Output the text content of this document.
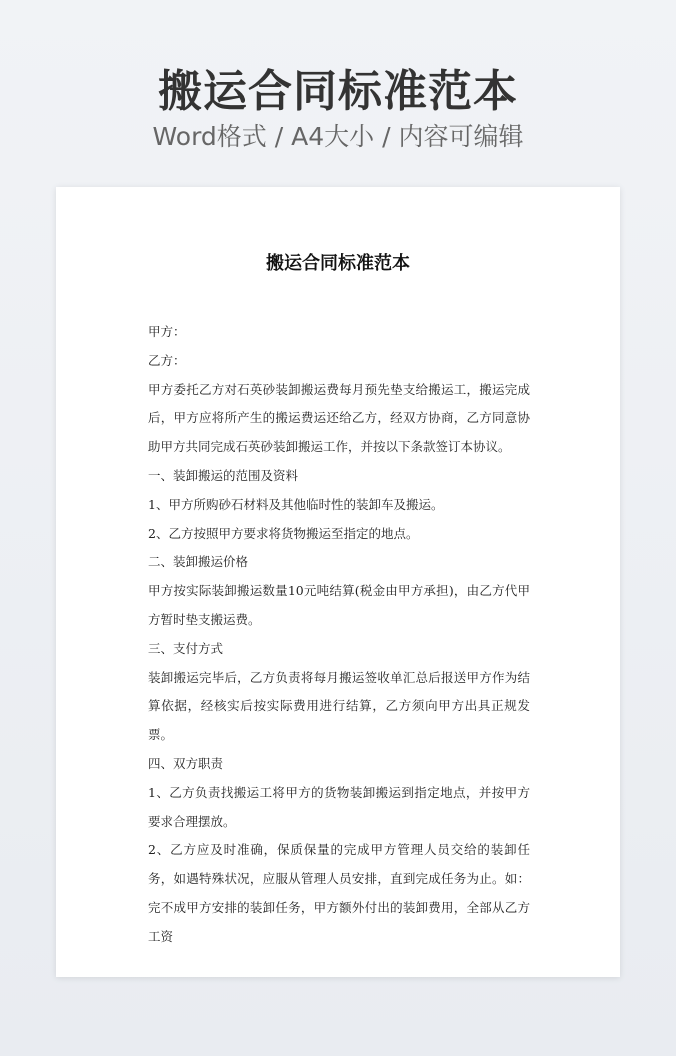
搬运合同标准范本
Word格式 / A4大小 / 内容可编辑
搬运合同标准范本

甲方：

乙方：

甲方委托乙方对石英砂装卸搬运费每月预先垫支给搬运工，搬运完成后，甲方应将所产生的搬运费运还给乙方，经双方协商，乙方同意协助甲方共同完成石英砂装卸搬运工作，并按以下条款签订本协议。

一、装卸搬运的范围及资料

1、甲方所购砂石材料及其他临时性的装卸车及搬运。

2、乙方按照甲方要求将货物搬运至指定的地点。

二、装卸搬运价格

甲方按实际装卸搬运数量10元吨结算(税金由甲方承担)，由乙方代甲方暂时垫支搬运费。

三、支付方式

装卸搬运完毕后，乙方负责将每月搬运签收单汇总后报送甲方作为结算依据，经核实后按实际费用进行结算，乙方须向甲方出具正规发票。

四、双方职责

1、乙方负责找搬运工将甲方的货物装卸搬运到指定地点，并按甲方要求合理摆放。

2、乙方应及时准确，保质保量的完成甲方管理人员交给的装卸任务，如遇特殊状况，应服从管理人员安排，直到完成任务为止。如：完不成甲方安排的装卸任务，甲方额外付出的装卸费用，全部从乙方工资
